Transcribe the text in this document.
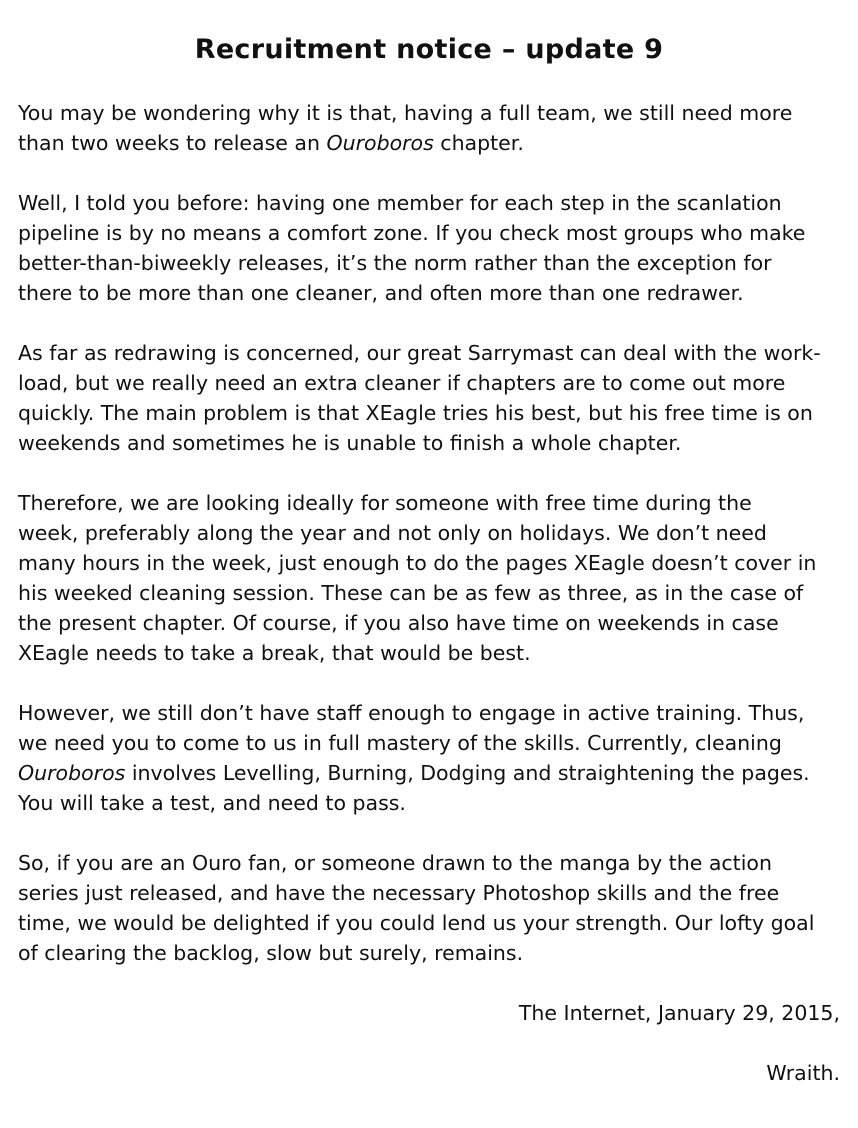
Recruitment notice – update 9

You may be wondering why it is that, having a full team, we still need more
than two weeks to release an Ouroboros chapter.

Well, I told you before: having one member for each step in the scanlation
pipeline is by no means a comfort zone. If you check most groups who make
better-than-biweekly releases, it’s the norm rather than the exception for
there to be more than one cleaner, and often more than one redrawer.

As far as redrawing is concerned, our great Sarrymast can deal with the work-
load, but we really need an extra cleaner if chapters are to come out more
quickly. The main problem is that XEagle tries his best, but his free time is on
weekends and sometimes he is unable to finish a whole chapter.

Therefore, we are looking ideally for someone with free time during the
week, preferably along the year and not only on holidays. We don’t need
many hours in the week, just enough to do the pages XEagle doesn’t cover in
his weeked cleaning session. These can be as few as three, as in the case of
the present chapter. Of course, if you also have time on weekends in case
XEagle needs to take a break, that would be best.

However, we still don’t have staff enough to engage in active training. Thus,
we need you to come to us in full mastery of the skills. Currently, cleaning
Ouroboros involves Levelling, Burning, Dodging and straightening the pages.
You will take a test, and need to pass.

So, if you are an Ouro fan, or someone drawn to the manga by the action
series just released, and have the necessary Photoshop skills and the free
time, we would be delighted if you could lend us your strength. Our lofty goal
of clearing the backlog, slow but surely, remains.

The Internet, January 29, 2015,

Wraith.
